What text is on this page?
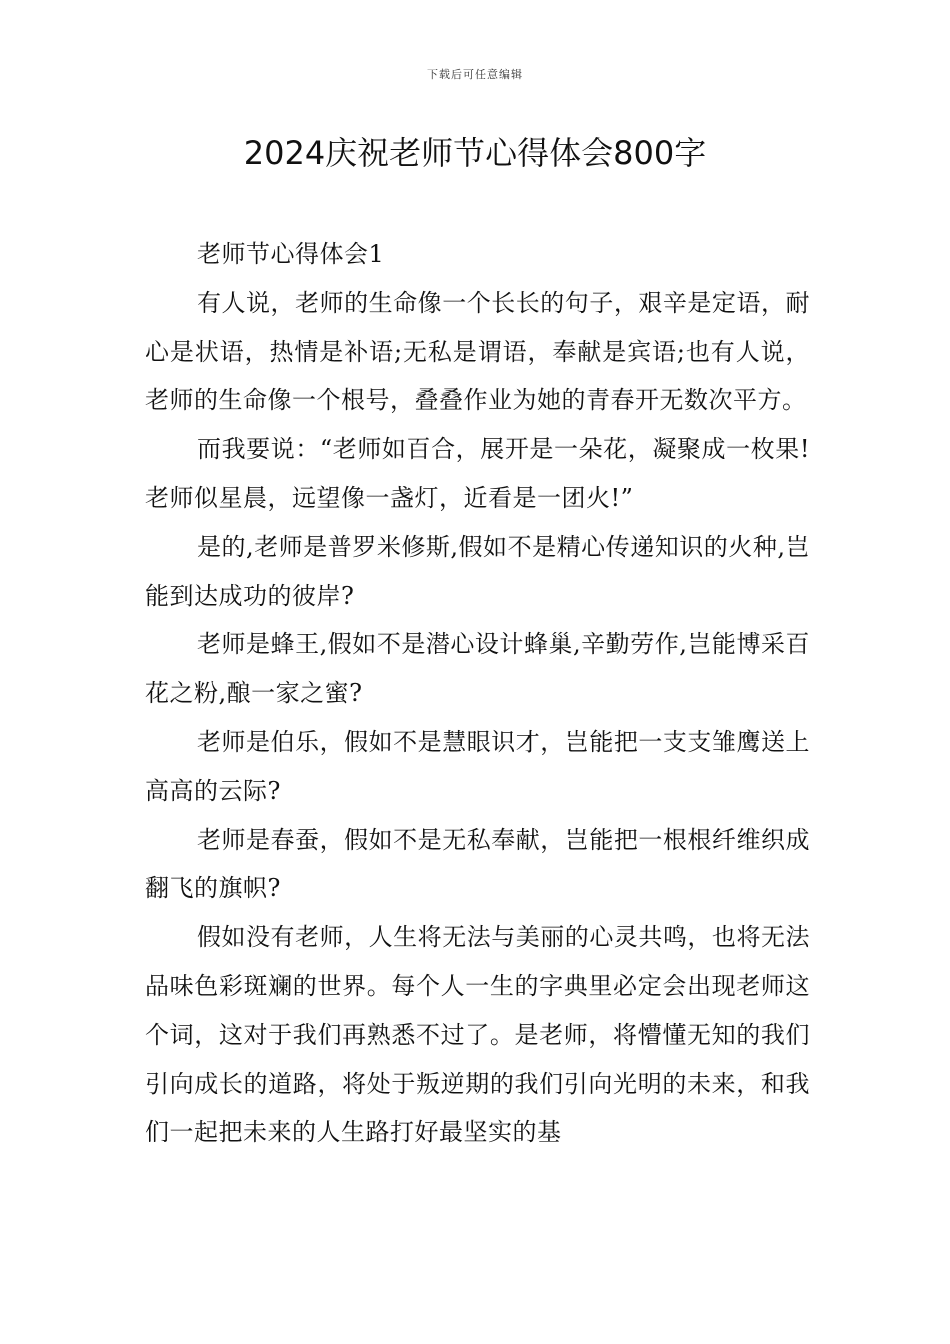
下载后可任意编辑
2024庆祝老师节心得体会800字

老师节心得体会1

有人说，老师的生命像一个长长的句子，艰辛是定语，耐心是状语，热情是补语;无私是谓语，奉献是宾语;也有人说，老师的生命像一个根号，叠叠作业为她的青春开无数次平方。

而我要说：“老师如百合，展开是一朵花，凝聚成一枚果!老师似星晨，远望像一盏灯，近看是一团火!”

是的,老师是普罗米修斯,假如不是精心传递知识的火种,岂能到达成功的彼岸?

老师是蜂王,假如不是潜心设计蜂巢,辛勤劳作,岂能博采百花之粉,酿一家之蜜?

老师是伯乐，假如不是慧眼识才，岂能把一支支雏鹰送上高高的云际?

老师是春蚕，假如不是无私奉献，岂能把一根根纤维织成翻飞的旗帜?

假如没有老师，人生将无法与美丽的心灵共鸣，也将无法品味色彩斑斓的世界。每个人一生的字典里必定会出现老师这个词，这对于我们再熟悉不过了。是老师，将懵懂无知的我们引向成长的道路，将处于叛逆期的我们引向光明的未来，和我们一起把未来的人生路打好最坚实的基
